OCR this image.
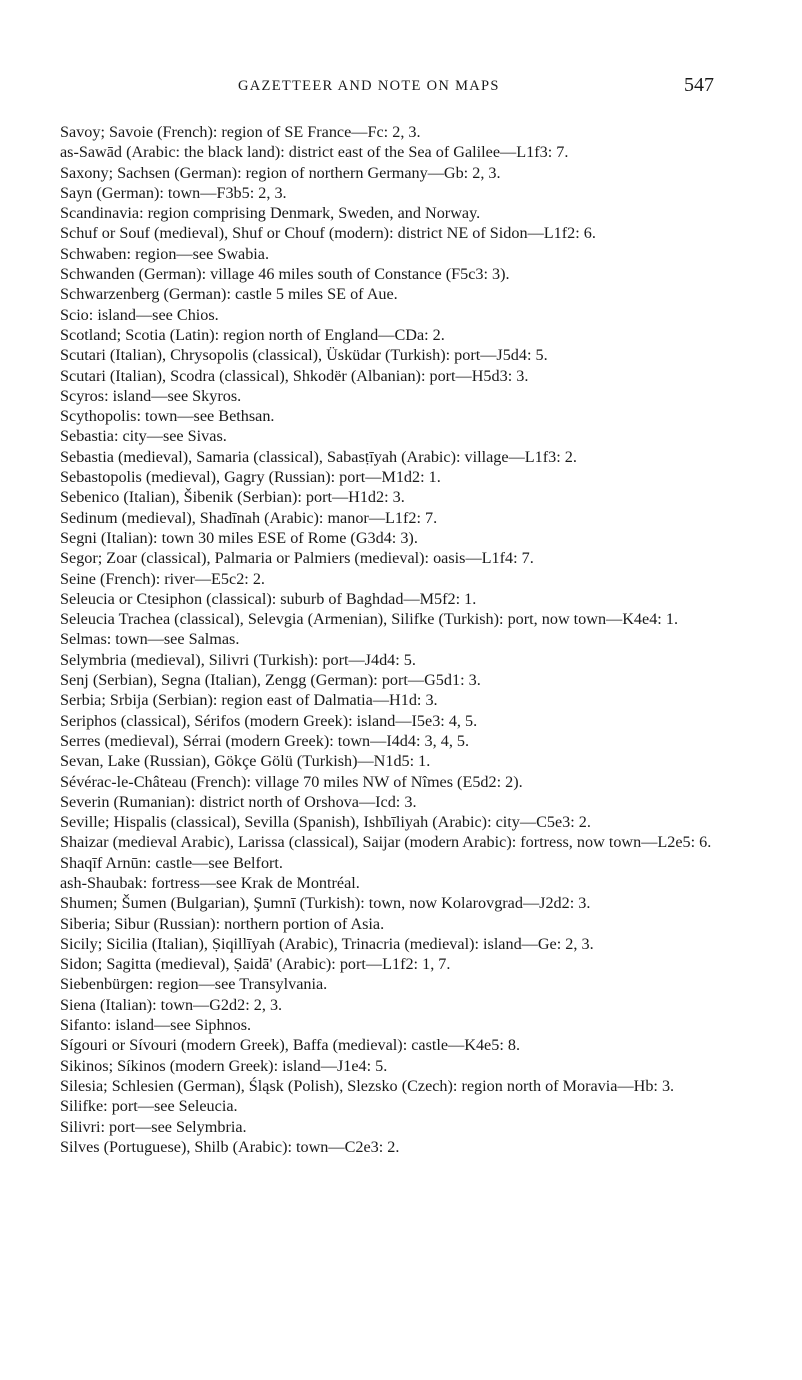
GAZETTEER AND NOTE ON MAPS	547
Savoy; Savoie (French): region of SE France—Fc: 2, 3.
as-Sawād (Arabic: the black land): district east of the Sea of Galilee—L1f3: 7.
Saxony; Sachsen (German): region of northern Germany—Gb: 2, 3.
Sayn (German): town—F3b5: 2, 3.
Scandinavia: region comprising Denmark, Sweden, and Norway.
Schuf or Souf (medieval), Shuf or Chouf (modern): district NE of Sidon—L1f2: 6.
Schwaben: region—see Swabia.
Schwanden (German): village 46 miles south of Constance (F5c3: 3).
Schwarzenberg (German): castle 5 miles SE of Aue.
Scio: island—see Chios.
Scotland; Scotia (Latin): region north of England—CDa: 2.
Scutari (Italian), Chrysopolis (classical), Üsküdar (Turkish): port—J5d4: 5.
Scutari (Italian), Scodra (classical), Shkodër (Albanian): port—H5d3: 3.
Scyros: island—see Skyros.
Scythopolis: town—see Bethsan.
Sebastia: city—see Sivas.
Sebastia (medieval), Samaria (classical), Sabasṭīyah (Arabic): village—L1f3: 2.
Sebastopolis (medieval), Gagry (Russian): port—M1d2: 1.
Sebenico (Italian), Šibenik (Serbian): port—H1d2: 3.
Sedinum (medieval), Shadīnah (Arabic): manor—L1f2: 7.
Segni (Italian): town 30 miles ESE of Rome (G3d4: 3).
Segor; Zoar (classical), Palmaria or Palmiers (medieval): oasis—L1f4: 7.
Seine (French): river—E5c2: 2.
Seleucia or Ctesiphon (classical): suburb of Baghdad—M5f2: 1.
Seleucia Trachea (classical), Selevgia (Armenian), Silifke (Turkish): port, now town—K4e4: 1.
Selmas: town—see Salmas.
Selymbria (medieval), Silivri (Turkish): port—J4d4: 5.
Senj (Serbian), Segna (Italian), Zengg (German): port—G5d1: 3.
Serbia; Srbija (Serbian): region east of Dalmatia—H1d: 3.
Seriphos (classical), Sérifos (modern Greek): island—I5e3: 4, 5.
Serres (medieval), Sérrai (modern Greek): town—I4d4: 3, 4, 5.
Sevan, Lake (Russian), Gökçe Gölü (Turkish)—N1d5: 1.
Sévérac-le-Château (French): village 70 miles NW of Nîmes (E5d2: 2).
Severin (Rumanian): district north of Orshova—Icd: 3.
Seville; Hispalis (classical), Sevilla (Spanish), Ishbīliyah (Arabic): city—C5e3: 2.
Shaizar (medieval Arabic), Larissa (classical), Saijar (modern Arabic): fortress, now town—L2e5: 6.
Shaqīf Arnūn: castle—see Belfort.
ash-Shaubak: fortress—see Krak de Montréal.
Shumen; Šumen (Bulgarian), Şumnī (Turkish): town, now Kolarovgrad—J2d2: 3.
Siberia; Sibur (Russian): northern portion of Asia.
Sicily; Sicilia (Italian), Ṣiqillīyah (Arabic), Trinacria (medieval): island—Ge: 2, 3.
Sidon; Sagitta (medieval), Ṣaidā' (Arabic): port—L1f2: 1, 7.
Siebenbürgen: region—see Transylvania.
Siena (Italian): town—G2d2: 2, 3.
Sifanto: island—see Siphnos.
Sígouri or Sívouri (modern Greek), Baffa (medieval): castle—K4e5: 8.
Sikinos; Síkinos (modern Greek): island—J1e4: 5.
Silesia; Schlesien (German), Śląsk (Polish), Slezsko (Czech): region north of Moravia—Hb: 3.
Silifke: port—see Seleucia.
Silivri: port—see Selymbria.
Silves (Portuguese), Shilb (Arabic): town—C2e3: 2.
